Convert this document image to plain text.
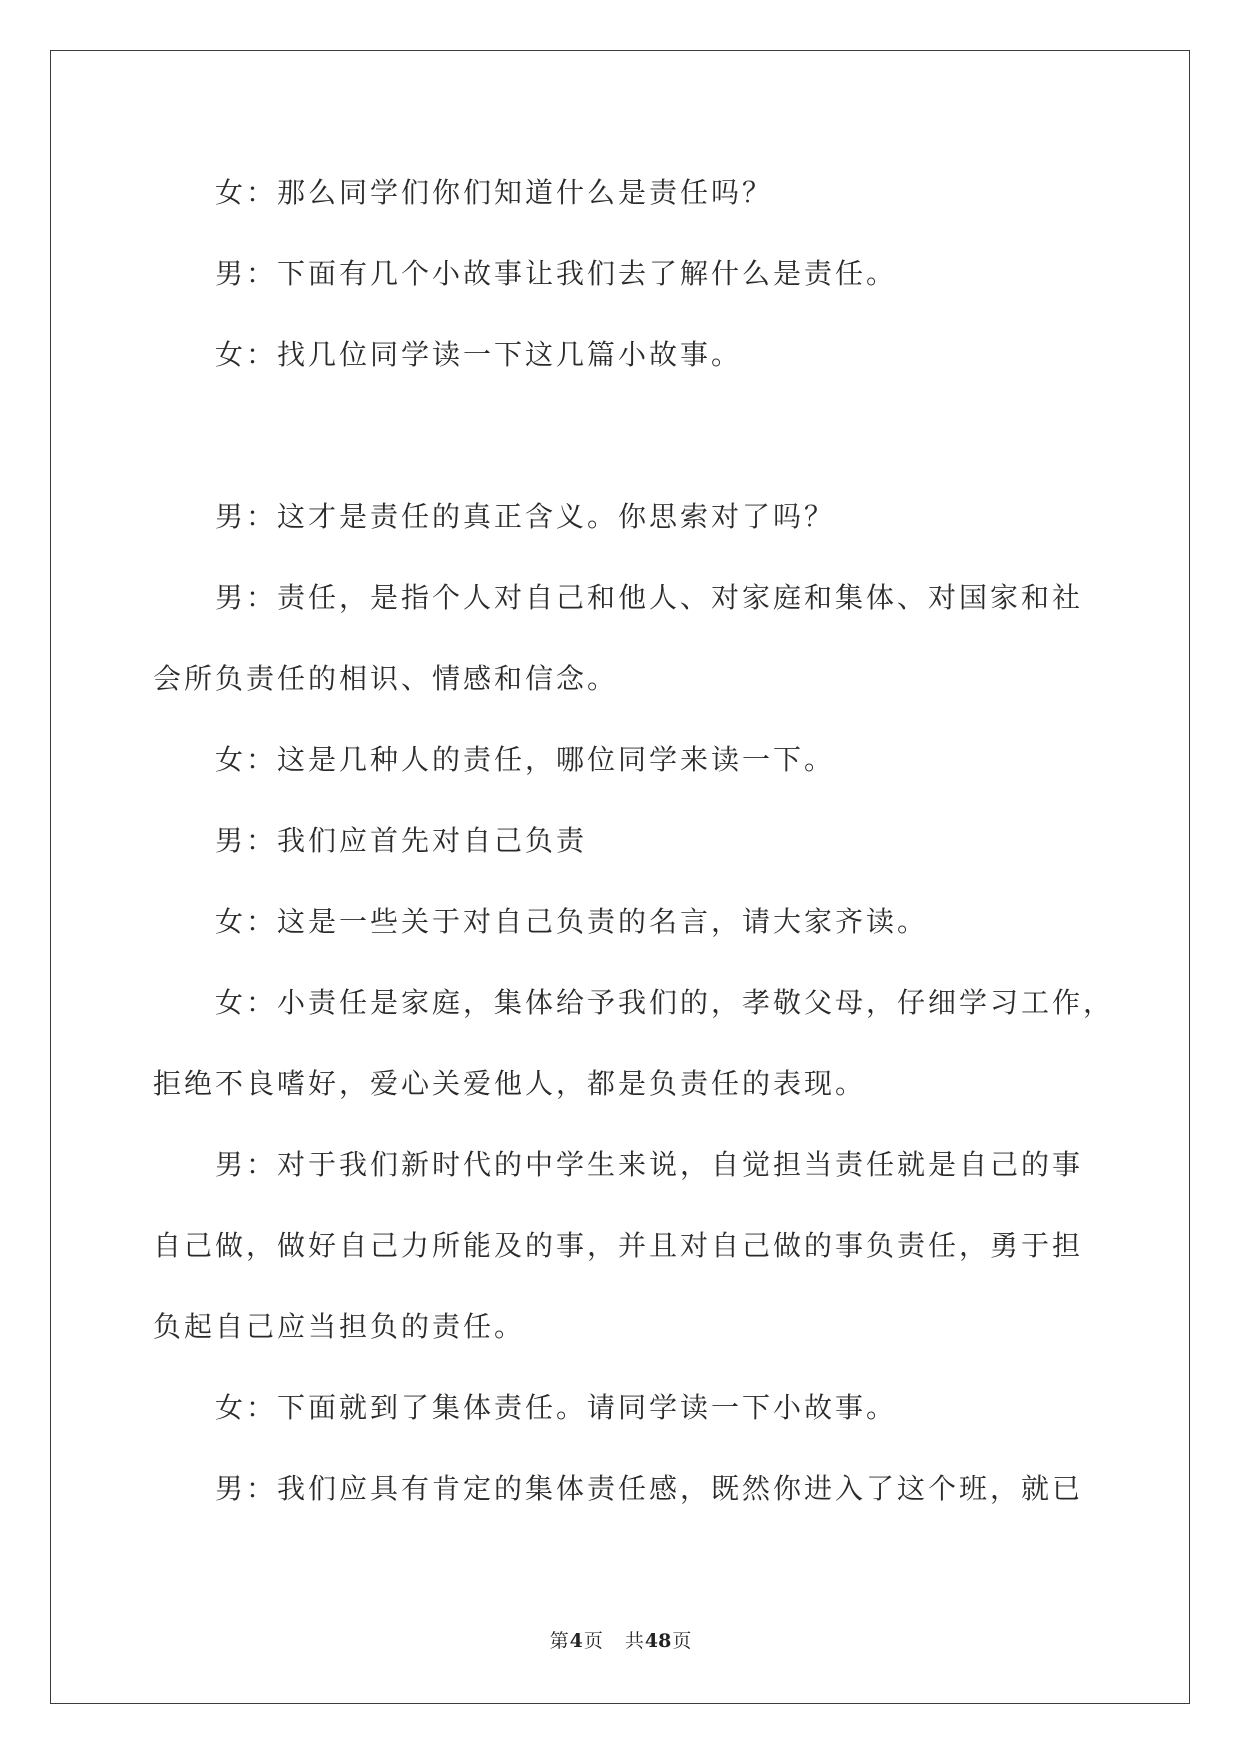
女：那么同学们你们知道什么是责任吗？
男：下面有几个小故事让我们去了解什么是责任。
女：找几位同学读一下这几篇小故事。
男：这才是责任的真正含义。你思索对了吗？
男：责任，是指个人对自己和他人、对家庭和集体、对国家和社
会所负责任的相识、情感和信念。
女：这是几种人的责任，哪位同学来读一下。
男：我们应首先对自己负责
女：这是一些关于对自己负责的名言，请大家齐读。
女：小责任是家庭，集体给予我们的，孝敬父母，仔细学习工作，
拒绝不良嗜好，爱心关爱他人，都是负责任的表现。
男：对于我们新时代的中学生来说，自觉担当责任就是自己的事
自己做，做好自己力所能及的事，并且对自己做的事负责任，勇于担
负起自己应当担负的责任。
女：下面就到了集体责任。请同学读一下小故事。
男：我们应具有肯定的集体责任感，既然你进入了这个班，就已
第4页 共48页
